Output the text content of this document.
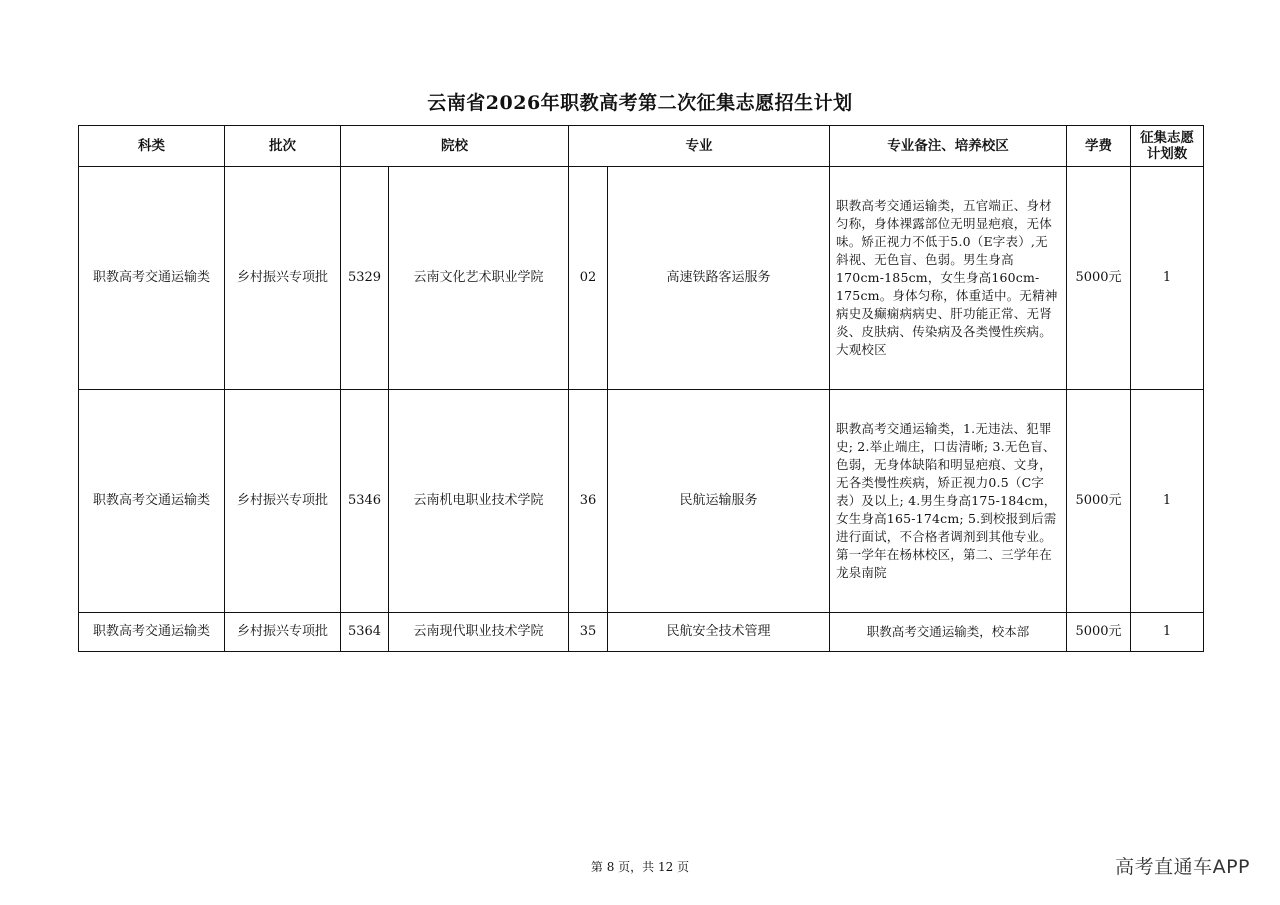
云南省2026年职教高考第二次征集志愿招生计划
科类	批次	院校		专业		专业备注、培养校区	学费	征集志愿计划数
职教高考交通运输类	乡村振兴专项批	5329	云南文化艺术职业学院	02	高速铁路客运服务	职教高考交通运输类，五官端正、身材匀称，身体裸露部位无明显疤痕，无体味。矫正视力不低于5.0（E字表）,无斜视、无色盲、色弱。男生身高170cm-185cm，女生身高160cm-175cm。身体匀称，体重适中。无精神病史及癫痫病病史、肝功能正常、无肾炎、皮肤病、传染病及各类慢性疾病。大观校区	5000元	1
职教高考交通运输类	乡村振兴专项批	5346	云南机电职业技术学院	36	民航运输服务	职教高考交通运输类，1.无违法、犯罪史; 2.举止端庄，口齿清晰; 3.无色盲、色弱，无身体缺陷和明显疤痕、文身，无各类慢性疾病，矫正视力0.5（C字表）及以上; 4.男生身高175-184cm，女生身高165-174cm; 5.到校报到后需进行面试，不合格者调剂到其他专业。第一学年在杨林校区，第二、三学年在龙泉南院	5000元	1
职教高考交通运输类	乡村振兴专项批	5364	云南现代职业技术学院	35	民航安全技术管理	职教高考交通运输类，校本部	5000元	1
第 8 页，共 12 页	高考直通车APP
